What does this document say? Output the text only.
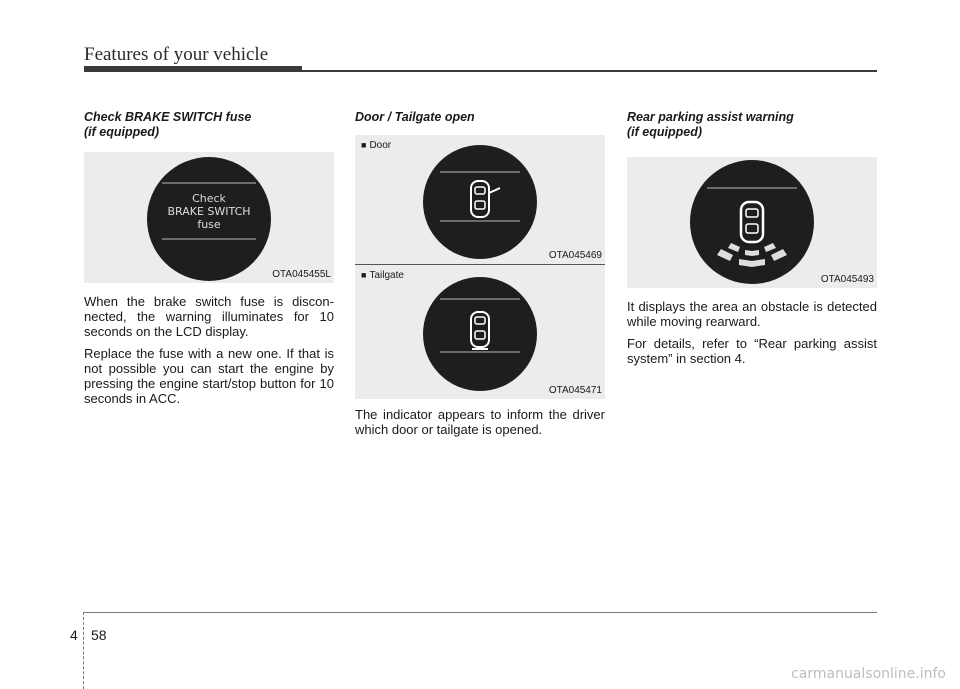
Features of your vehicle

Check BRAKE SWITCH fuse
(if equipped)

Check
BRAKE SWITCH
fuse
OTA045455L

When the brake switch fuse is disconnected, the warning illuminates for 10 seconds on the LCD display.

Replace the fuse with a new one. If that is not possible you can start the engine by pressing the engine start/stop button for 10 seconds in ACC.

Door / Tailgate open

■ Door
OTA045469
■ Tailgate
OTA045471

The indicator appears to inform the driver which door or tailgate is opened.

Rear parking assist warning
(if equipped)

OTA045493

It displays the area an obstacle is detected while moving rearward.

For details, refer to “Rear parking assist system” in section 4.

4 58
carmanualsonline.info
